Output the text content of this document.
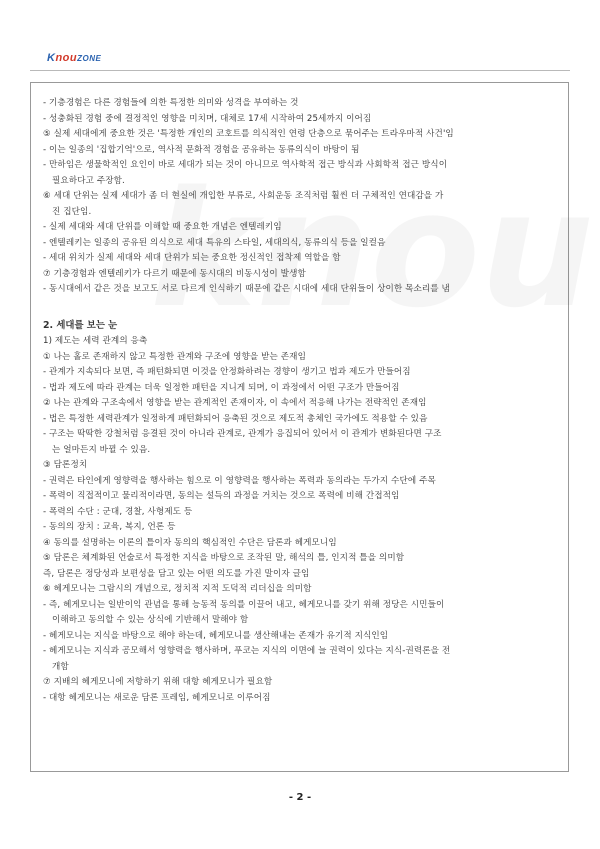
KnouZONE
- 기층경험은 다른 경험들에 의한 특정한 의미와 성격을 부여하는 것
- 성충화된 경험 중에 결정적인 영향을 미치며, 대체로 17세 시작하여 25세까지 이어짐
⑤ 실제 세대에게 중요한 것은 '특정한 개인의 코호트를 의식적인 연령 단층으로 묶어주는 트라우마적 사건'임
- 이는 일종의 '집합기억'으로, 역사적 문화적 경험을 공유하는 동류의식이 바탕이 됨
- 만하임은 생물학적인 요인이 바로 세대가 되는 것이 아니므로 역사학적 접근 방식과 사회학적 접근 방식이
필요하다고 주장함.
⑥ 세대 단위는 실제 세대가 좀 더 현실에 개입한 부류로, 사회운동 조직처럼 훨씬 더 구체적인 연대감을 가
진 집단임.
- 실제 세대와 세대 단위를 이해할 때 중요한 개념은 엔텔레키임
- 엔텔레키는 일종의 공유된 의식으로 세대 특유의 스타일, 세대의식, 동류의식 등을 일컬음
- 세대 위치가 실제 세대와 세대 단위가 되는 중요한 정신적인 접착제 역할을 함
⑦ 기층경험과 엔텔레키가 다르기 때문에 동시대의 비동시성이 발생함
- 동시대에서 같은 것을 보고도 서로 다르게 인식하기 때문에 같은 시대에 세대 단위들이 상이한 목소리를 냄
2. 세대를 보는 눈
1) 제도는 세력 관계의 응축
① 나는 홀로 존재하지 않고 특정한 관계와 구조에 영향을 받는 존재임
- 관계가 지속되다 보면, 즉 패턴화되면 이것을 안정화하려는 경향이 생기고 법과 제도가 만들어짐
- 법과 제도에 따라 관계는 더욱 일정한 패턴을 지니게 되며, 이 과정에서 어떤 구조가 만들어짐
② 나는 관계와 구조속에서 영향을 받는 관계적인 존재이자, 이 속에서 적응해 나가는 전략적인 존재임
- 법은 특정한 세력관계가 일정하게 패턴화되어 응축된 것으로 제도적 총체인 국가에도 적용할 수 있음
- 구조는 딱딱한 강철처럼 응결된 것이 아니라 관계로, 관계가 응집되어 있어서 이 관계가 변화된다면 구조
는 얼마든지 바뀔 수 있음.
③ 담론정치
- 권력은 타인에게 영향력을 행사하는 힘으로 이 영향력을 행사하는 폭력과 동의라는 두가지 수단에 주목
- 폭력이 직접적이고 물리적이라면, 동의는 설득의 과정을 거치는 것으로 폭력에 비해 간접적임
- 폭력의 수단 : 군대, 경찰, 사형제도 등
- 동의의 장치 : 교육, 복지, 언론 등
④ 동의를 설명하는 이론의 틀이자 동의의 핵심적인 수단은 담론과 헤게모니임
⑤ 담론은 체계화된 언술로서 특정한 지식을 바탕으로 조작된 말, 해석의 틀, 인지적 틀을 의미함
즉, 담론은 정당성과 보편성을 담고 있는 어떤 의도를 가진 말이자 글임
⑥ 헤게모니는 그람시의 개념으로, 정치적 지적 도덕적 리더십을 의미함
- 즉, 헤게모니는 일반이익 관념을 통해 능동적 동의를 이끌어 내고, 헤게모니를 갖기 위해 정당은 시민들이
이해하고 동의할 수 있는 상식에 기반해서 말해야 함
- 헤게모니는 지식을 바탕으로 해야 하는데, 헤게모니를 생산해내는 존재가 유기적 지식인임
- 헤게모니는 지식과 공모해서 영향력을 행사하며, 푸코는 지식의 이면에 늘 권력이 있다는 지식-권력론을 전
개함
⑦ 지배의 헤게모니에 저항하기 위해 대항 헤게모니가 필요함
- 대항 헤게모니는 새로운 담론 프레임, 헤게모니로 이루어짐
- 2 -
